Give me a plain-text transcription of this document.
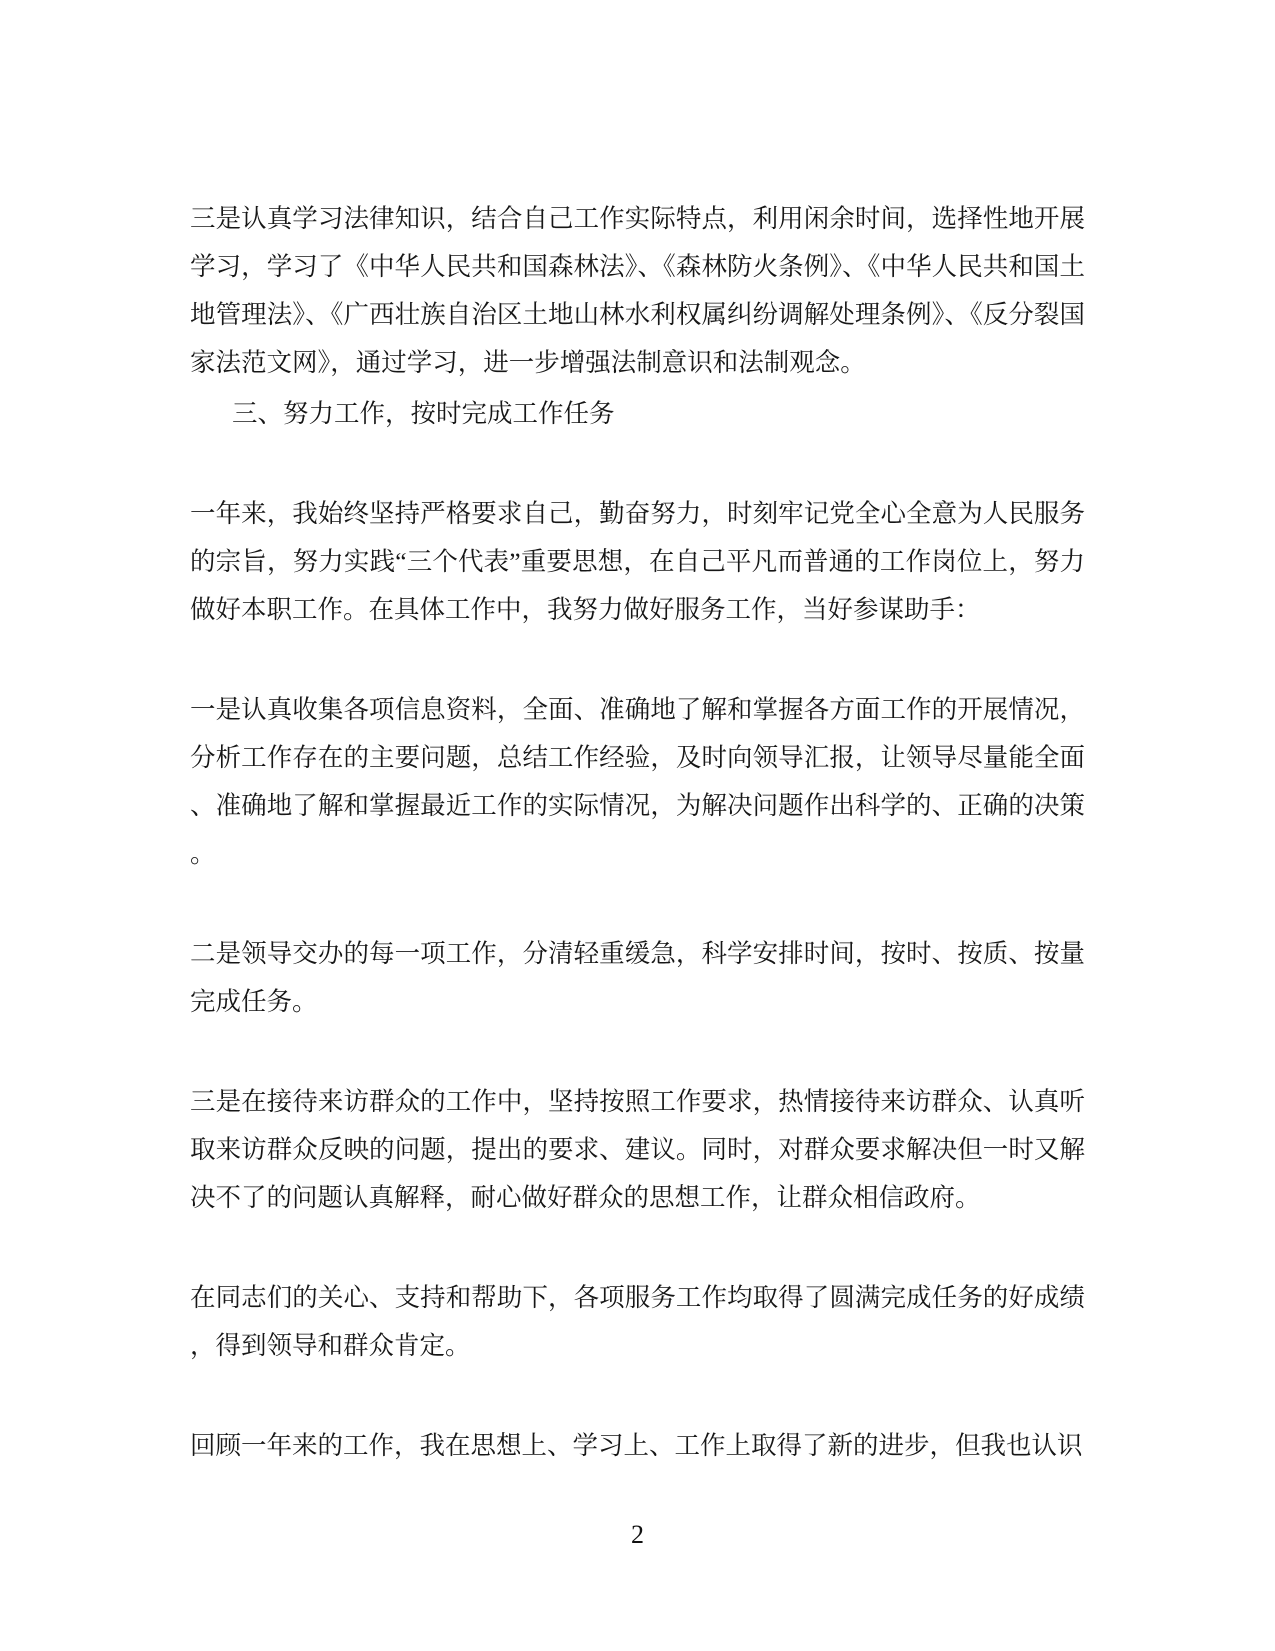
三是认真学习法律知识，结合自己工作实际特点，利用闲余时间，选择性地开展学习，学习了《中华人民共和国森林法》、《森林防火条例》、《中华人民共和国土地管理法》、《广西壮族自治区土地山林水利权属纠纷调解处理条例》、《反分裂国家法范文网》，通过学习，进一步增强法制意识和法制观念。

三、努力工作，按时完成工作任务

一年来，我始终坚持严格要求自己，勤奋努力，时刻牢记党全心全意为人民服务的宗旨，努力实践“三个代表”重要思想，在自己平凡而普通的工作岗位上，努力做好本职工作。在具体工作中，我努力做好服务工作，当好参谋助手：

一是认真收集各项信息资料，全面、准确地了解和掌握各方面工作的开展情况，分析工作存在的主要问题，总结工作经验，及时向领导汇报，让领导尽量能全面、准确地了解和掌握最近工作的实际情况，为解决问题作出科学的、正确的决策。

二是领导交办的每一项工作，分清轻重缓急，科学安排时间，按时、按质、按量完成任务。

三是在接待来访群众的工作中，坚持按照工作要求，热情接待来访群众、认真听取来访群众反映的问题，提出的要求、建议。同时，对群众要求解决但一时又解决不了的问题认真解释，耐心做好群众的思想工作，让群众相信政府。

在同志们的关心、支持和帮助下，各项服务工作均取得了圆满完成任务的好成绩，得到领导和群众肯定。

回顾一年来的工作，我在思想上、学习上、工作上取得了新的进步，但我也认识

2
